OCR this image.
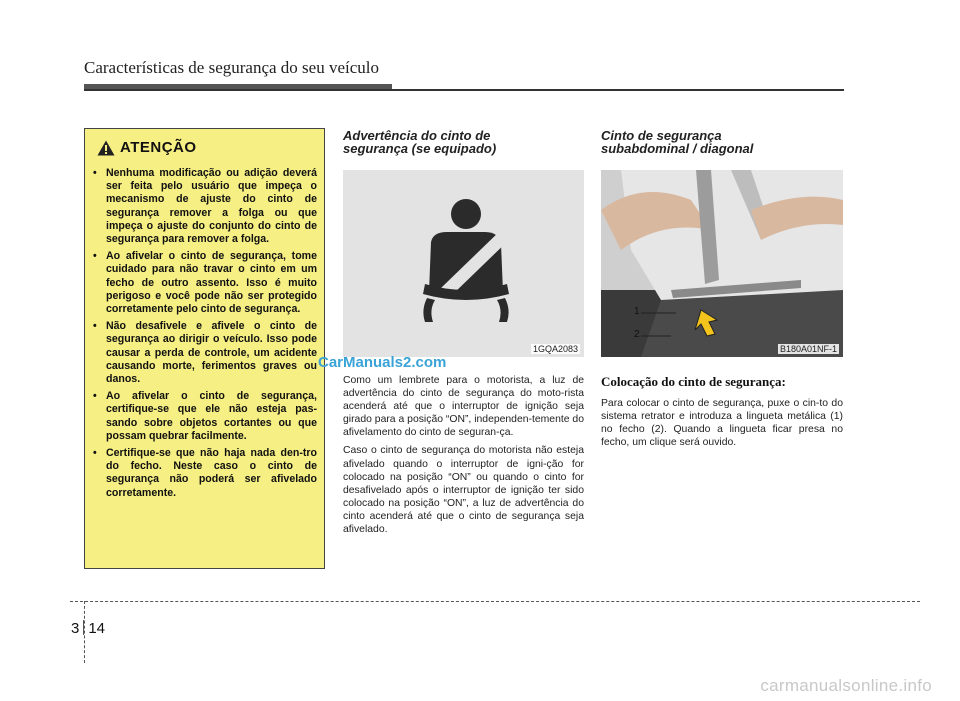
Características de segurança do seu veículo
ATENÇÃO
• Nenhuma modificação ou adição deverá ser feita pelo usuário que impeça o mecanismo de ajuste do cinto de segurança remover a folga ou que impeça o ajuste do conjunto do cinto de segurança para remover a folga.
• Ao afivelar o cinto de segurança, tome cuidado para não travar o cinto em um fecho de outro assento. Isso é muito perigoso e você pode não ser protegido corretamente pelo cinto de segurança.
• Não desafivele e afivele o cinto de segurança ao dirigir o veículo. Isso pode causar a perda de controle, um acidente causando morte, ferimentos graves ou danos.
• Ao afivelar o cinto de segurança, certifique-se que ele não esteja pas-sando sobre objetos cortantes ou que possam quebrar facilmente.
• Certifique-se que não haja nada den-tro do fecho. Neste caso o cinto de segurança não poderá ser afivelado corretamente.
Advertência do cinto de
segurança (se equipado)
1GQA2083

Como um lembrete para o motorista, a luz de advertência do cinto de segurança do moto-rista acenderá até que o interruptor de ignição seja girado para a posição “ON”, independen-temente do afivelamento do cinto de seguran-ça.

Caso o cinto de segurança do motorista não esteja afivelado quando o interruptor de igni-ção for colocado na posição “ON” ou quando o cinto for desafivelado após o interruptor de ignição ter sido colocado na posição “ON”, a luz de advertência do cinto acenderá até que o cinto de segurança seja afivelado.

CarManuals2.com
Cinto de segurança
subabdominal / diagonal
1
2
B180A01NF-1
Colocação do cinto de segurança:

Para colocar o cinto de segurança, puxe o cin-to do sistema retrator e introduza a lingueta metálica (1) no fecho (2). Quando a lingueta ficar presa no fecho, um clique será ouvido.

3 14
carmanualsonline.info
